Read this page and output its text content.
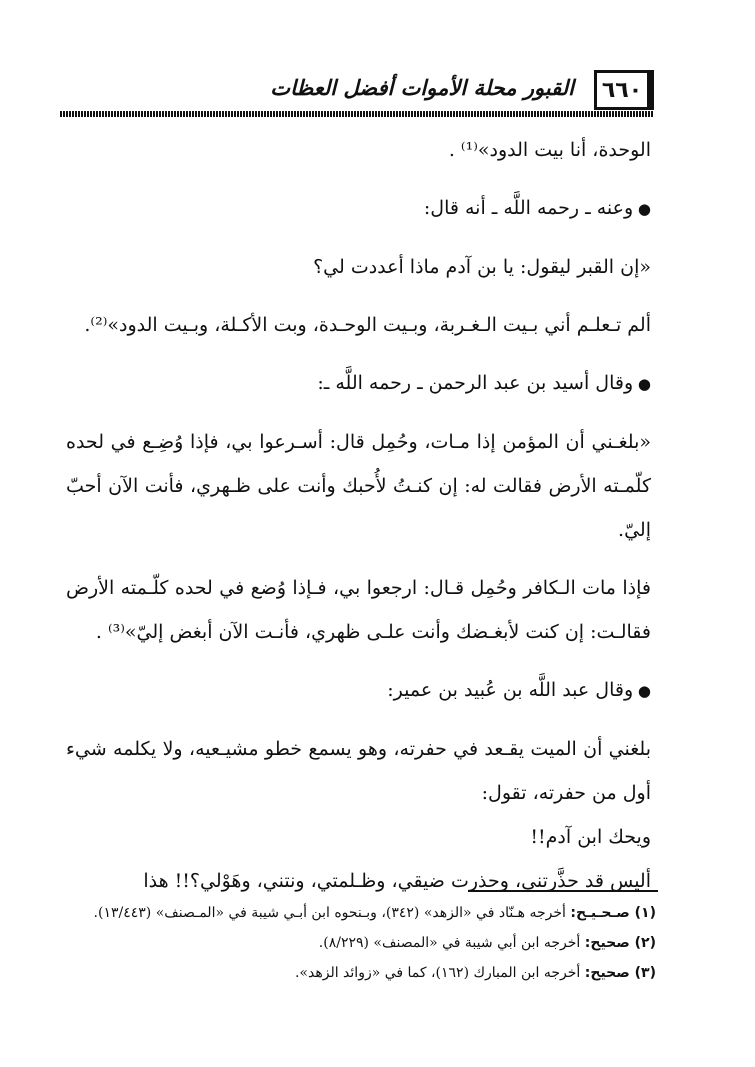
٦٦٠
القبور محلة الأموات أفضل العظات

الوحدة، أنا بيت الدود»⁽¹⁾ .

● وعنه ـ رحمه اللَّه ـ أنه قال:

«إن القبر ليقول: يا بن آدم ماذا أعددت لي؟

ألم تـعلـم أني بـيت الـغـربة، وبـيت الوحـدة، وبت الأكـلة، وبـيت الدود»⁽²⁾.

● وقال أسيد بن عبد الرحمن ـ رحمه اللَّه ـ:

«بلغـني أن المؤمن إذا مـات، وحُمِل قال: أسـرعوا بي، فإذا وُضِـع في لحده كلّمـته الأرض فقالت له: إن كنـتُ لأُحبك وأنت على ظـهري، فأنت الآن أحبّ إليّ.

فإذا مات الـكافر وحُمِل قـال: ارجعوا بي، فـإذا وُضع في لحده كلّـمته الأرض فقالـت: إن كنت لأبغـضك وأنت علـى ظهري، فأنـت الآن أبغض إليّ»⁽³⁾ .

● وقال عبد اللَّه بن عُبيد بن عمير:

بلغني أن الميت يقـعد في حفرته، وهو يسمع خطو مشيـعيه، ولا يكلمه شيء أول من حفرته، تقول:

ويحك ابن آدم!!

أليس قد حذَّرتني، وحذرت ضيقي، وظـلمتي، ونتني، وهَوْلي؟!! هذا

(١) صـحـيـح: أخرجه هـنّاد في «الزهد» (٣٤٢)، وبـنحوه ابن أبـي شيبة في «المـصنف» (١٣/٤٤٣).

(٢) صحيح: أخرجه ابن أبي شيبة في «المصنف» (٨/٢٢٩).

(٣) صحيح: أخرجه ابن المبارك (١٦٢)، كما في «زوائد الزهد».
